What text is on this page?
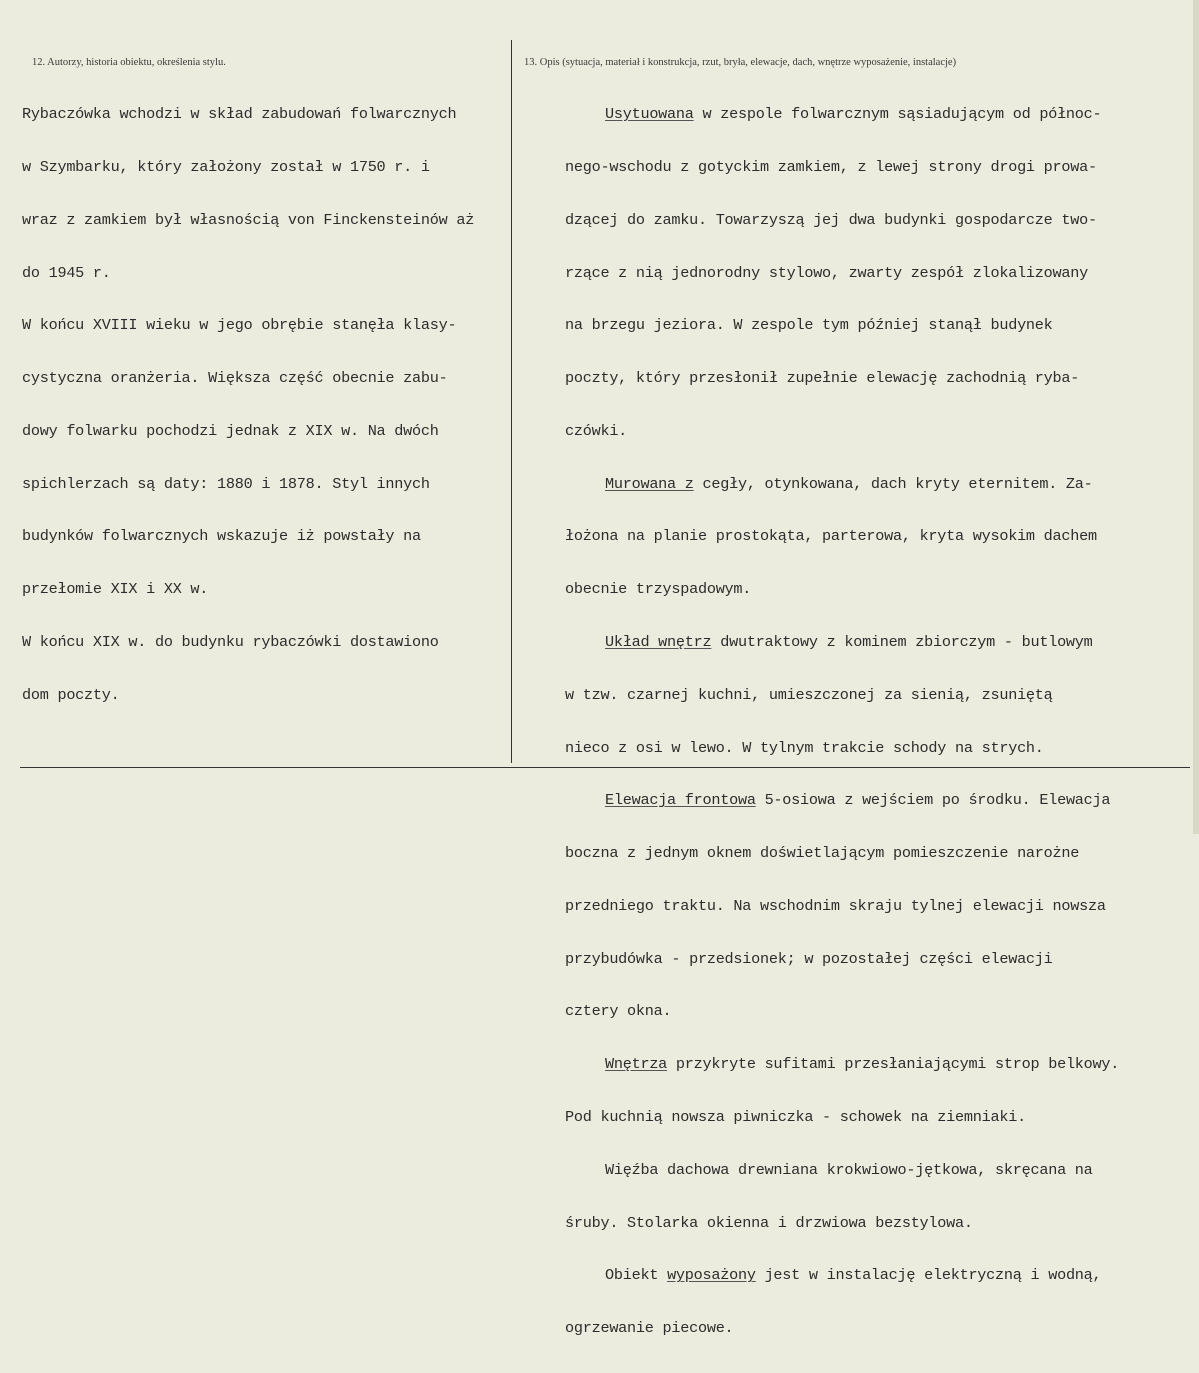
12. Autorzy, historia obiektu, określenia stylu.	13. Opis (sytuacja, materiał i konstrukcja, rzut, bryła, elewacje, dach, wnętrze wyposażenie, instalacje)

Rybaczówka wchodzi w skład zabudowań folwarcznych

w Szymbarku, który założony został w 1750 r. i

wraz z zamkiem był własnością von Finckensteinów aż

do 1945 r.

W końcu XVIII wieku w jego obrębie stanęła klasy-

cystyczna oranżeria. Większa część obecnie zabu-

dowy folwarku pochodzi jednak z XIX w. Na dwóch

spichlerzach są daty: 1880 i 1878. Styl innych

budynków folwarcznych wskazuje iż powstały na

przełomie XIX i XX w.

W końcu XIX w. do budynku rybaczówki dostawiono

dom poczty.

Usytuowana w zespole folwarcznym sąsiadującym od północ-

nego-wschodu z gotyckim zamkiem, z lewej strony drogi prowa-

dzącej do zamku. Towarzyszą jej dwa budynki gospodarcze two-

rzące z nią jednorodny stylowo, zwarty zespół zlokalizowany

na brzegu jeziora. W zespole tym później stanął budynek

poczty, który przesłonił zupełnie elewację zachodnią ryba-

czówki.

Murowana z cegły, otynkowana, dach kryty eternitem. Za-

łożona na planie prostokąta, parterowa, kryta wysokim dachem

obecnie trzyspadowym.

Układ wnętrz dwutraktowy z kominem zbiorczym - butlowym

w tzw. czarnej kuchni, umieszczonej za sienią, zsuniętą

nieco z osi w lewo. W tylnym trakcie schody na strych.

Elewacja frontowa 5-osiowa z wejściem po środku. Elewacja

boczna z jednym oknem doświetlającym pomieszczenie narożne

przedniego traktu. Na wschodnim skraju tylnej elewacji nowsza

przybudówka - przedsionek; w pozostałej części elewacji

cztery okna.

Wnętrza przykryte sufitami przesłaniającymi strop belkowy.

Pod kuchnią nowsza piwniczka - schowek na ziemniaki.

Więźba dachowa drewniana krokwiowo-jętkowa, skręcana na

śruby. Stolarka okienna i drzwiowa bezstylowa.

Obiekt wyposażony jest w instalację elektryczną i wodną,

ogrzewanie piecowe.
